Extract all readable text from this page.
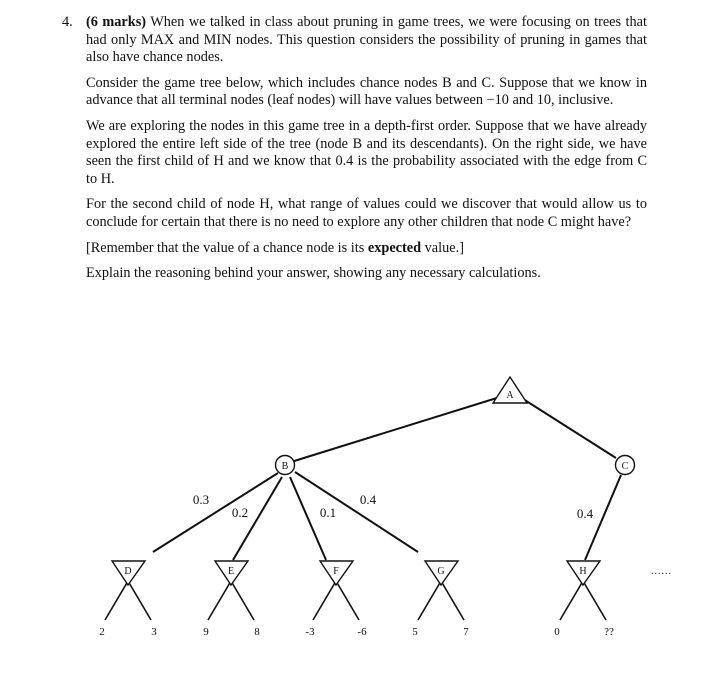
4. (6 marks) When we talked in class about pruning in game trees, we were focusing on trees that had only MAX and MIN nodes. This question considers the possibility of pruning in games that also have chance nodes.

Consider the game tree below, which includes chance nodes B and C. Suppose that we know in advance that all terminal nodes (leaf nodes) will have values between −10 and 10, inclusive.

We are exploring the nodes in this game tree in a depth-first order. Suppose that we have already explored the entire left side of the tree (node B and its descendants). On the right side, we have seen the first child of H and we know that 0.4 is the probability associated with the edge from C to H.

For the second child of node H, what range of values could we discover that would allow us to conclude for certain that there is no need to explore any other children that node C might have?

[Remember that the value of a chance node is its expected value.]

Explain the reasoning behind your answer, showing any necessary calculations.

A
B	C
D	E	F	G	H
0.3
0.2	0.1
0.4
0.4
2	3	9	8	-3	-6	5	7	0	??
......
